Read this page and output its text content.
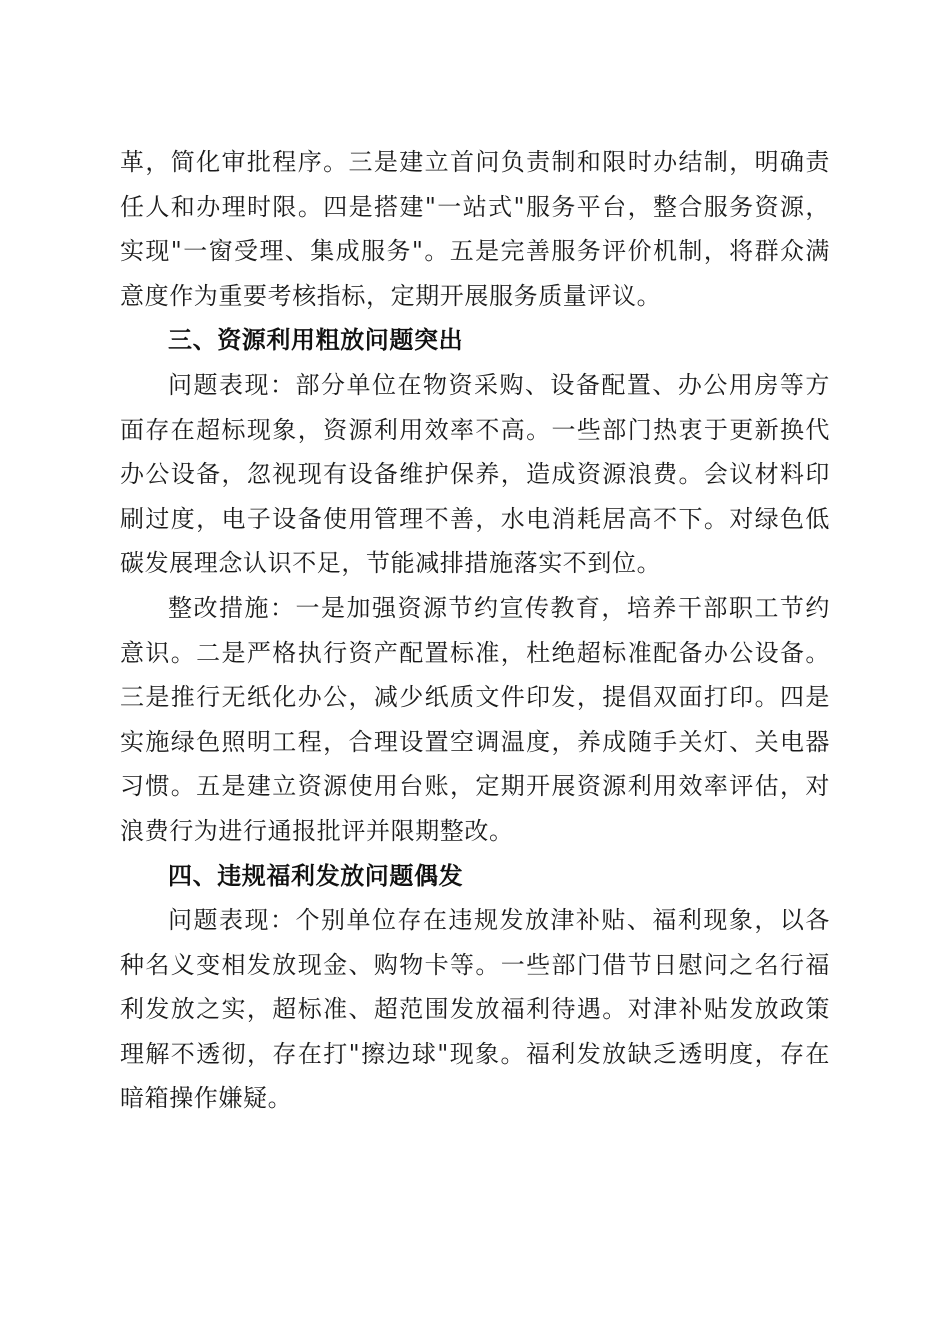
革，简化审批程序。三是建立首问负责制和限时办结制，明确责任人和办理时限。四是搭建"一站式"服务平台，整合服务资源，实现"一窗受理、集成服务"。五是完善服务评价机制，将群众满意度作为重要考核指标，定期开展服务质量评议。

三、资源利用粗放问题突出

问题表现：部分单位在物资采购、设备配置、办公用房等方面存在超标现象，资源利用效率不高。一些部门热衷于更新换代办公设备，忽视现有设备维护保养，造成资源浪费。会议材料印刷过度，电子设备使用管理不善，水电消耗居高不下。对绿色低碳发展理念认识不足，节能减排措施落实不到位。

整改措施：一是加强资源节约宣传教育，培养干部职工节约意识。二是严格执行资产配置标准，杜绝超标准配备办公设备。三是推行无纸化办公，减少纸质文件印发，提倡双面打印。四是实施绿色照明工程，合理设置空调温度，养成随手关灯、关电器习惯。五是建立资源使用台账，定期开展资源利用效率评估，对浪费行为进行通报批评并限期整改。

四、违规福利发放问题偶发

问题表现：个别单位存在违规发放津补贴、福利现象，以各种名义变相发放现金、购物卡等。一些部门借节日慰问之名行福利发放之实，超标准、超范围发放福利待遇。对津补贴发放政策理解不透彻，存在打"擦边球"现象。福利发放缺乏透明度，存在暗箱操作嫌疑。
